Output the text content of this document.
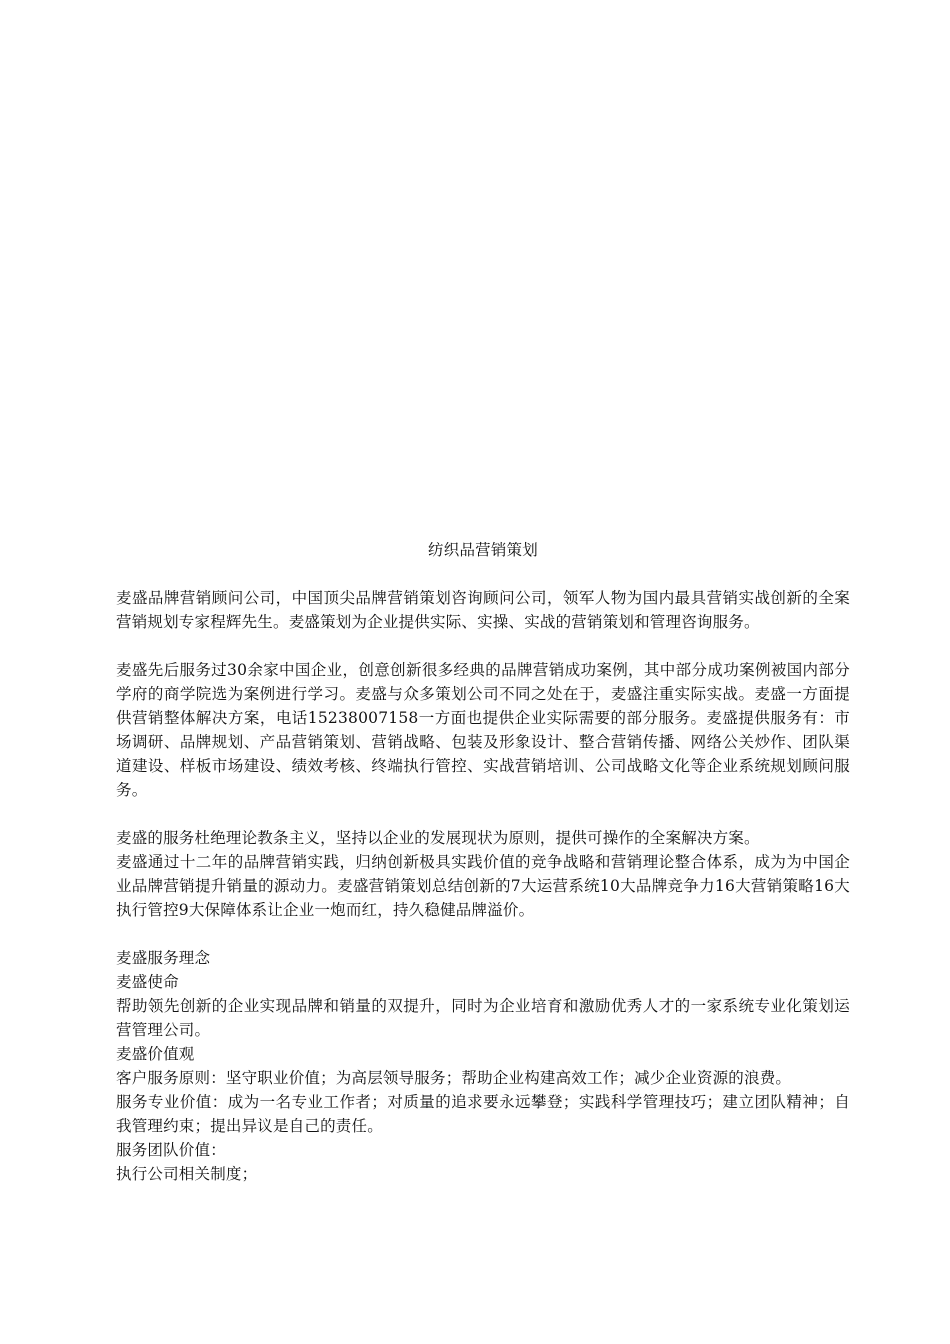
纺织品营销策划

麦盛品牌营销顾问公司，中国顶尖品牌营销策划咨询顾问公司，领军人物为国内最具营销实战创新的全案营销规划专家程辉先生。麦盛策划为企业提供实际、实操、实战的营销策划和管理咨询服务。

麦盛先后服务过30余家中国企业，创意创新很多经典的品牌营销成功案例，其中部分成功案例被国内部分学府的商学院选为案例进行学习。麦盛与众多策划公司不同之处在于，麦盛注重实际实战。麦盛一方面提供营销整体解决方案，电话15238007158一方面也提供企业实际需要的部分服务。麦盛提供服务有：市场调研、品牌规划、产品营销策划、营销战略、包装及形象设计、整合营销传播、网络公关炒作、团队渠道建设、样板市场建设、绩效考核、终端执行管控、实战营销培训、公司战略文化等企业系统规划顾问服务。

麦盛的服务杜绝理论教条主义，坚持以企业的发展现状为原则，提供可操作的全案解决方案。

麦盛通过十二年的品牌营销实践，归纳创新极具实践价值的竞争战略和营销理论整合体系，成为为中国企业品牌营销提升销量的源动力。麦盛营销策划总结创新的7大运营系统10大品牌竞争力16大营销策略16大执行管控9大保障体系让企业一炮而红，持久稳健品牌溢价。

麦盛服务理念

麦盛使命

帮助领先创新的企业实现品牌和销量的双提升，同时为企业培育和激励优秀人才的一家系统专业化策划运营管理公司。

麦盛价值观

客户服务原则：坚守职业价值；为高层领导服务；帮助企业构建高效工作；减少企业资源的浪费。

服务专业价值：成为一名专业工作者；对质量的追求要永远攀登；实践科学管理技巧；建立团队精神；自我管理约束；提出异议是自己的责任。

服务团队价值：

执行公司相关制度；
